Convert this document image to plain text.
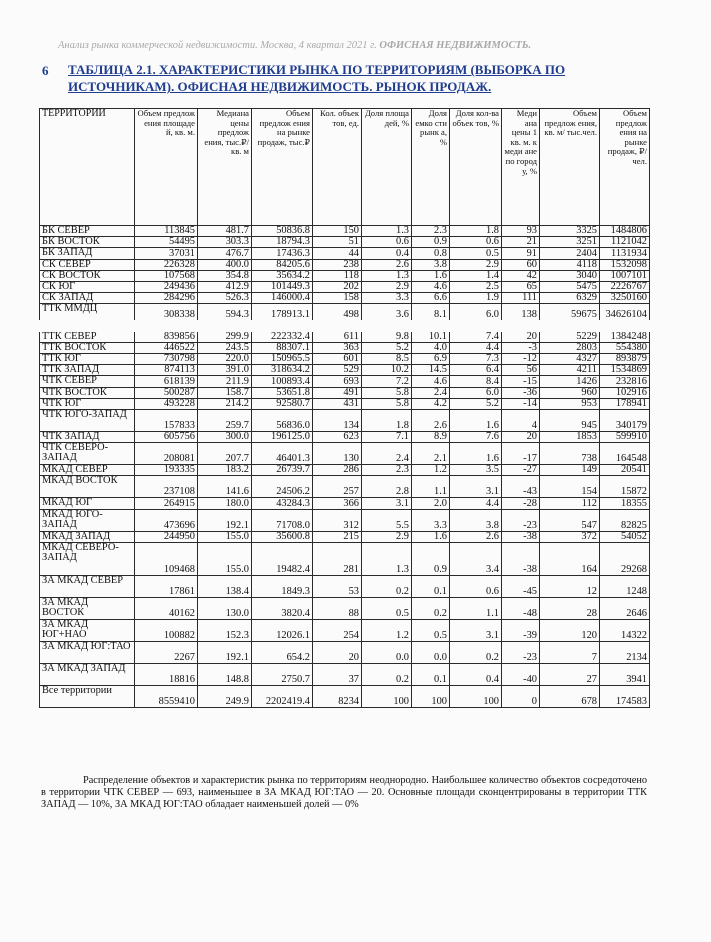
Анализ рынка коммерческой недвижимости. Москва, 4 квартал 2021 г. ОФИСНАЯ НЕДВИЖИМОСТЬ.
6 ТАБЛИЦА 2.1. ХАРАКТЕРИСТИКИ РЫНКА ПО ТЕРРИТОРИЯМ (ВЫБОРКА ПО ИСТОЧНИКАМ). ОФИСНАЯ НЕДВИЖИМОСТЬ. РЫНОК ПРОДАЖ.
ТЕРРИТОРИИ	Объем предлож ения площаде й, кв. м.	Медиана цены предлож ения, тыс.₽/ кв. м	Объем предлож ения на рынке продаж, тыс.₽	Кол. объек тов, ед.	Доля площа дей, %	Доля емко сти рынк а, %	Доля кол-ва объек тов, %	Меди ана цены 1 кв. м. к меди ане по город у, %	Объем предлож ения, кв. м/ тыс.чел.	Объем предлож ения на рынке продаж, ₽/чел.
БК СЕВЕР	113845	481.7	50836.8	150	1.3	2.3	1.8	93	3325	1484806
БК ВОСТОК	54495	303.3	18794.3	51	0.6	0.9	0.6	21	3251	1121042
БК ЗАПАД	37031	476.7	17436.3	44	0.4	0.8	0.5	91	2404	1131934
СК СЕВЕР	226328	400.0	84205.6	238	2.6	3.8	2.9	60	4118	1532098
СК ВОСТОК	107568	354.8	35634.2	118	1.3	1.6	1.4	42	3040	1007101
СК ЮГ	249436	412.9	101449.3	202	2.9	4.6	2.5	65	5475	2226767
СК ЗАПАД	284296	526.3	146000.4	158	3.3	6.6	1.9	111	6329	3250160
ТТК ММДЦ	308338	594.3	178913.1	498	3.6	8.1	6.0	138	59675	34626104
ТТК СЕВЕР	839856	299.9	222332.4	611	9.8	10.1	7.4	20	5229	1384248
ТТК ВОСТОК	446522	243.5	88307.1	363	5.2	4.0	4.4	-3	2803	554380
ТТК ЮГ	730798	220.0	150965.5	601	8.5	6.9	7.3	-12	4327	893879
ТТК ЗАПАД	874113	391.0	318634.2	529	10.2	14.5	6.4	56	4211	1534869
ЧТК СЕВЕР	618139	211.9	100893.4	693	7.2	4.6	8.4	-15	1426	232816
ЧТК ВОСТОК	500287	158.7	53651.8	491	5.8	2.4	6.0	-36	960	102916
ЧТК ЮГ	493228	214.2	92580.7	431	5.8	4.2	5.2	-14	953	178941
ЧТК ЮГО-ЗАПАД	157833	259.7	56836.0	134	1.8	2.6	1.6	4	945	340179
ЧТК ЗАПАД	605756	300.0	196125.0	623	7.1	8.9	7.6	20	1853	599910
ЧТК СЕВЕРО-ЗАПАД	208081	207.7	46401.3	130	2.4	2.1	1.6	-17	738	164548
МКАД СЕВЕР	193335	183.2	26739.7	286	2.3	1.2	3.5	-27	149	20541
МКАД ВОСТОК	237108	141.6	24506.2	257	2.8	1.1	3.1	-43	154	15872
МКАД ЮГ	264915	180.0	43284.3	366	3.1	2.0	4.4	-28	112	18355
МКАД ЮГО-ЗАПАД	473696	192.1	71708.0	312	5.5	3.3	3.8	-23	547	82825
МКАД ЗАПАД	244950	155.0	35600.8	215	2.9	1.6	2.6	-38	372	54052
МКАД СЕВЕРО-ЗАПАД	109468	155.0	19482.4	281	1.3	0.9	3.4	-38	164	29268
ЗА МКАД СЕВЕР	17861	138.4	1849.3	53	0.2	0.1	0.6	-45	12	1248
ЗА МКАД ВОСТОК	40162	130.0	3820.4	88	0.5	0.2	1.1	-48	28	2646
ЗА МКАД ЮГ+НАО	100882	152.3	12026.1	254	1.2	0.5	3.1	-39	120	14322
ЗА МКАД ЮГ:ТАО	2267	192.1	654.2	20	0.0	0.0	0.2	-23	7	2134
ЗА МКАД ЗАПАД	18816	148.8	2750.7	37	0.2	0.1	0.4	-40	27	3941
Все территории	8559410	249.9	2202419.4	8234	100	100	100	0	678	174583
Распределение объектов и характеристик рынка по территориям неоднородно. Наибольшее количество объектов сосредоточено в территории ЧТК СЕВЕР — 693, наименьшее в ЗА МКАД ЮГ:ТАО — 20. Основные площади сконцентрированы в территории ТТК ЗАПАД — 10%, ЗА МКАД ЮГ:ТАО обладает наименьшей долей — 0%
